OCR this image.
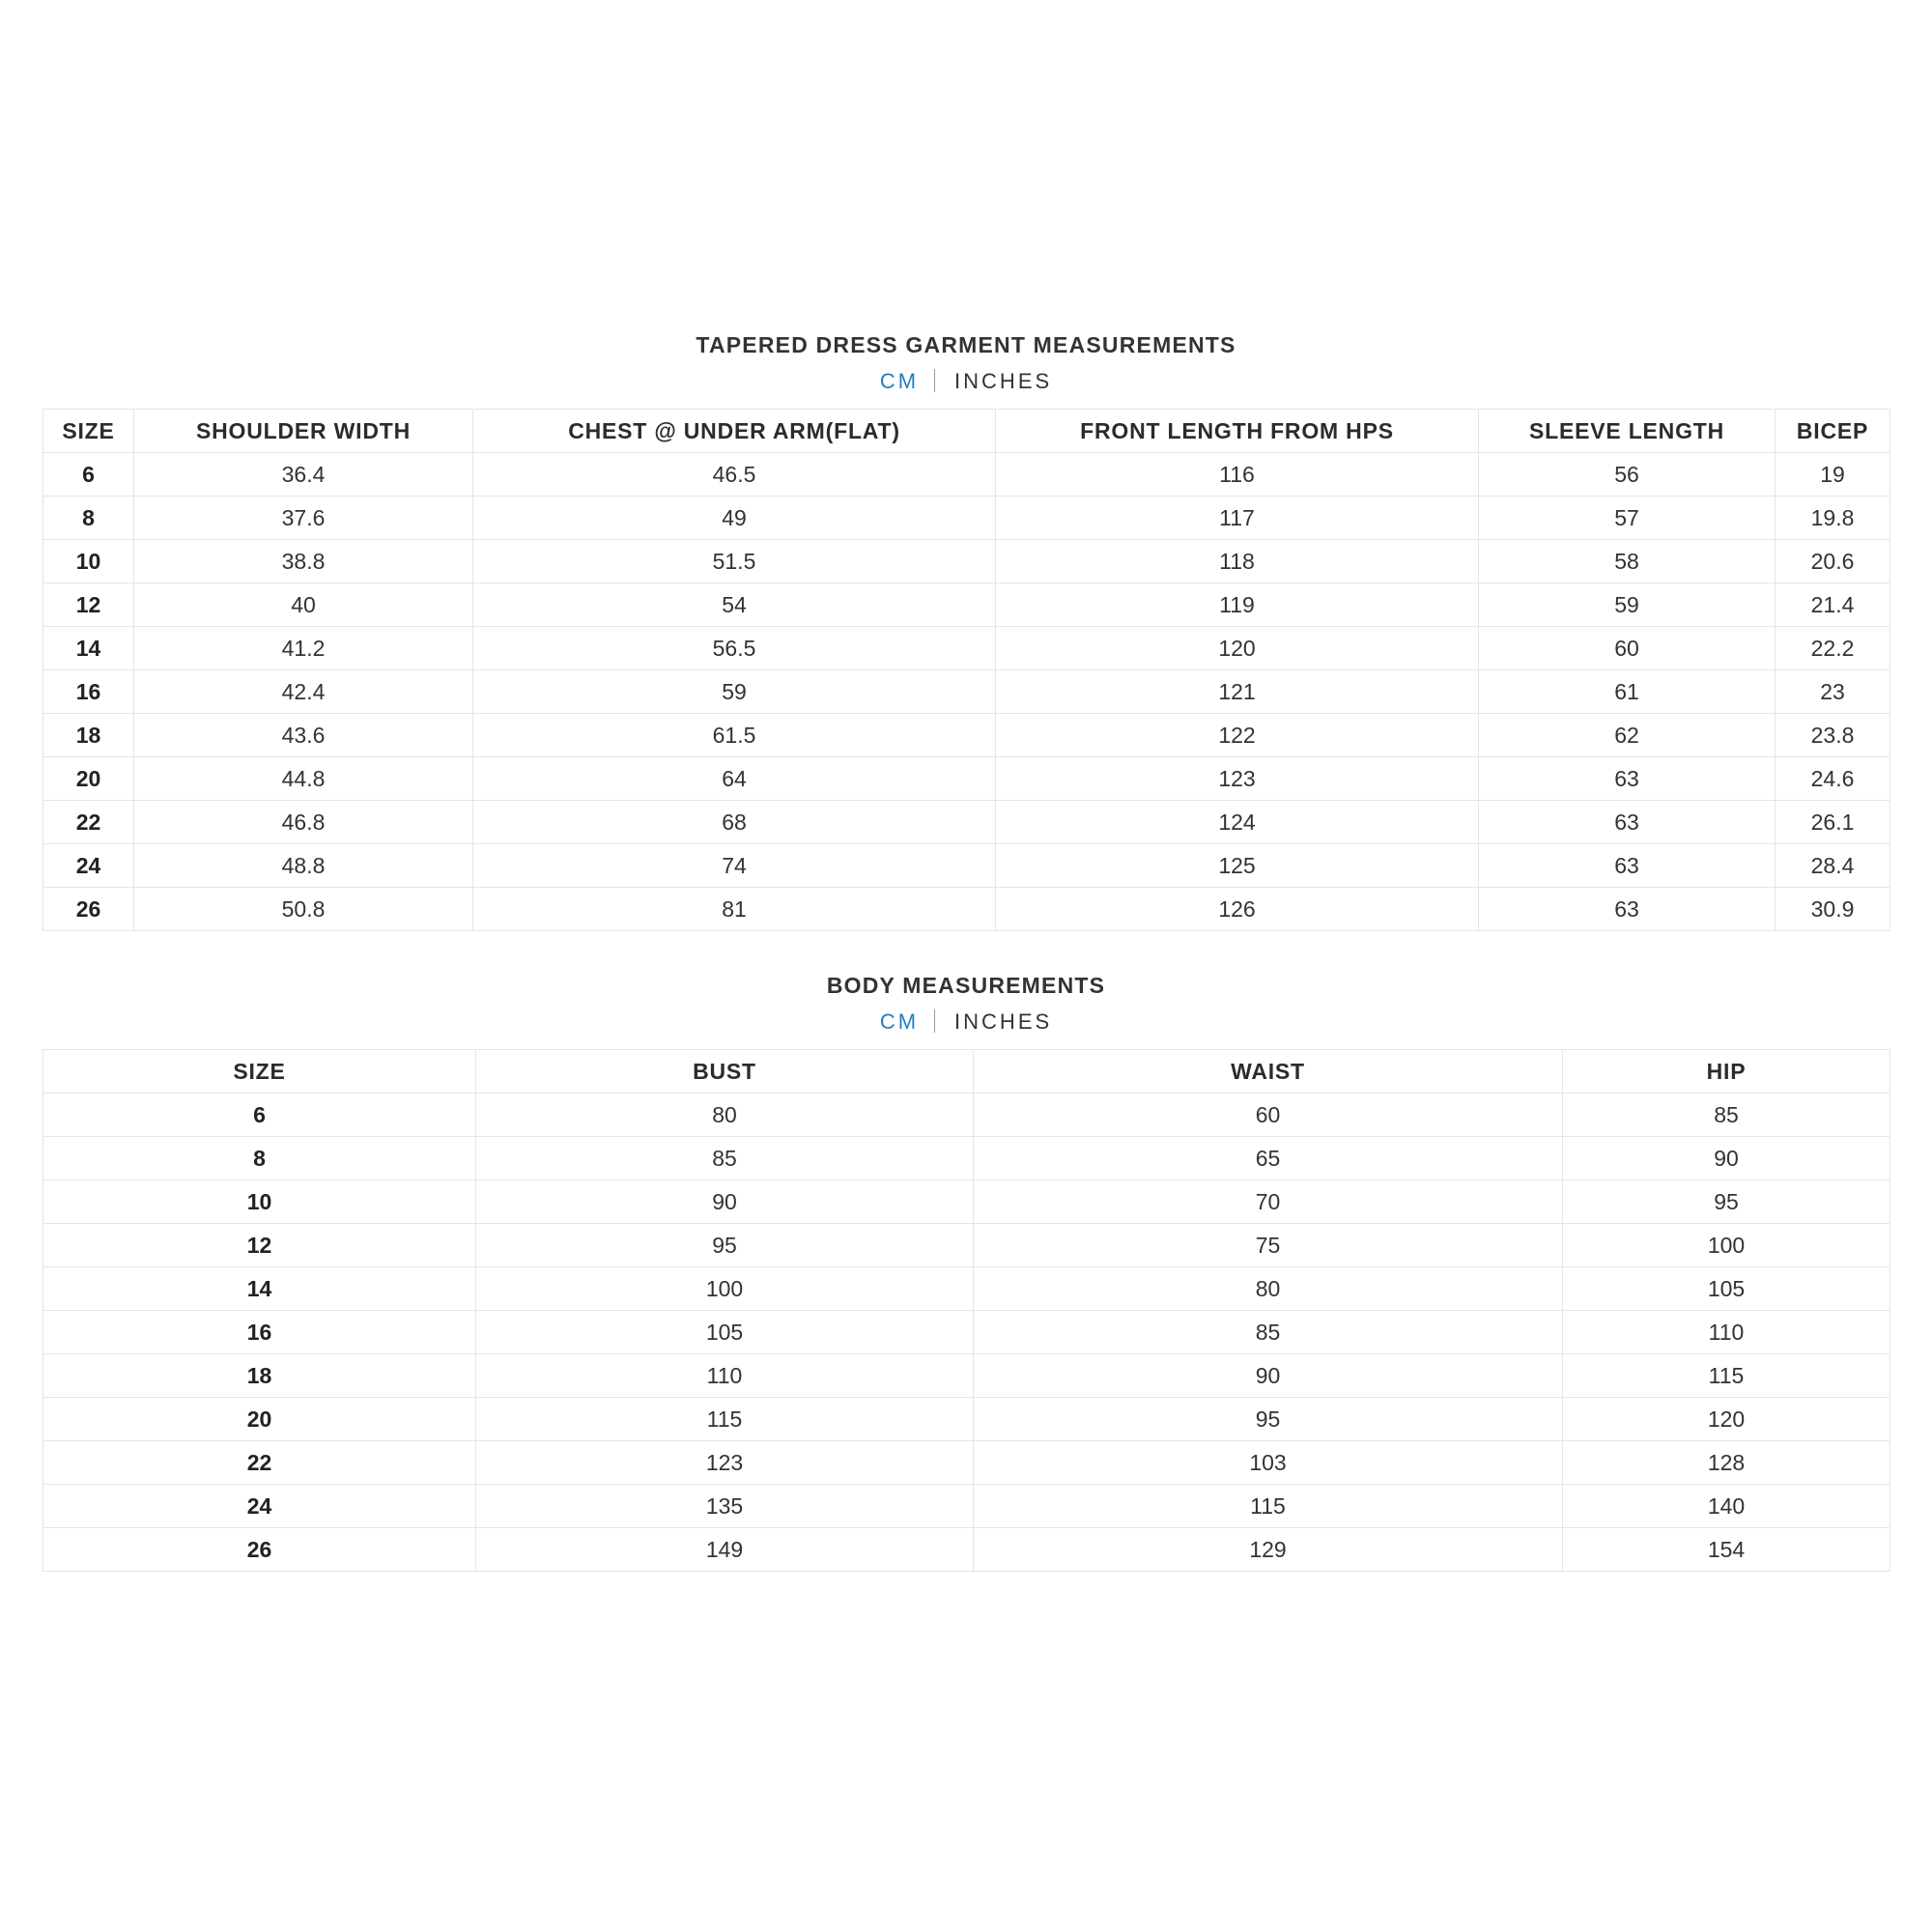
TAPERED DRESS GARMENT MEASUREMENTS
CM INCHES
SIZE	SHOULDER WIDTH	CHEST @ UNDER ARM(FLAT)	FRONT LENGTH FROM HPS	SLEEVE LENGTH	BICEP
6	36.4	46.5	116	56	19
8	37.6	49	117	57	19.8
10	38.8	51.5	118	58	20.6
12	40	54	119	59	21.4
14	41.2	56.5	120	60	22.2
16	42.4	59	121	61	23
18	43.6	61.5	122	62	23.8
20	44.8	64	123	63	24.6
22	46.8	68	124	63	26.1
24	48.8	74	125	63	28.4
26	50.8	81	126	63	30.9
BODY MEASUREMENTS
CM INCHES
SIZE	BUST	WAIST	HIP
6	80	60	85
8	85	65	90
10	90	70	95
12	95	75	100
14	100	80	105
16	105	85	110
18	110	90	115
20	115	95	120
22	123	103	128
24	135	115	140
26	149	129	154
